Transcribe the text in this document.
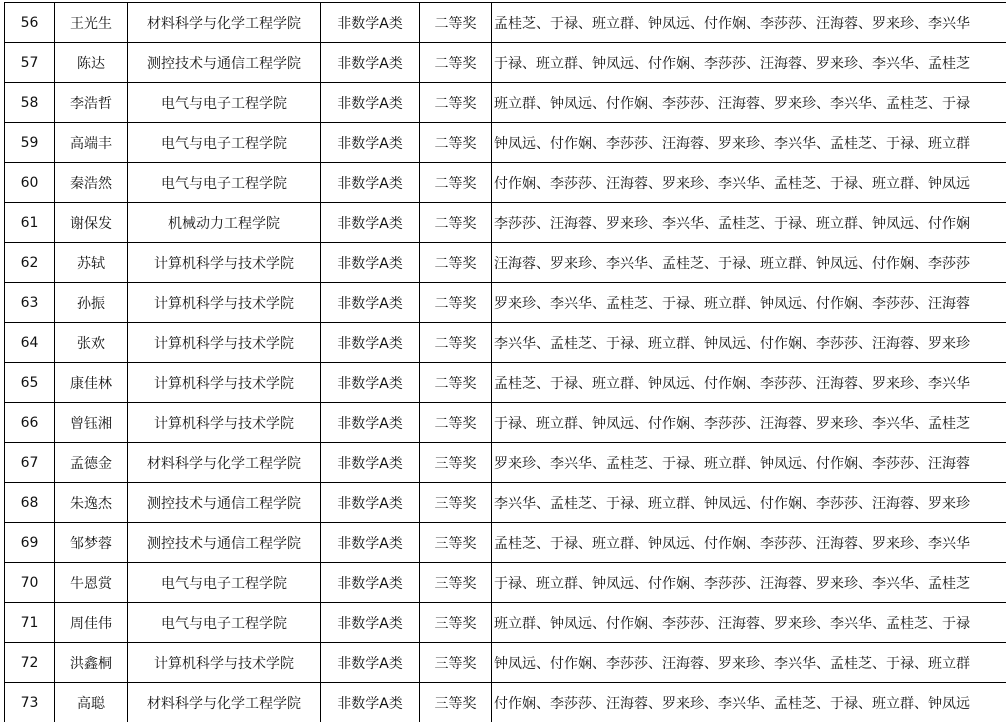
56	王光生	材料科学与化学工程学院	非数学A类	二等奖	孟桂芝、于禄、班立群、钟凤远、付作娴、李莎莎、汪海蓉、罗来珍、李兴华
57	陈达	测控技术与通信工程学院	非数学A类	二等奖	于禄、班立群、钟凤远、付作娴、李莎莎、汪海蓉、罗来珍、李兴华、孟桂芝
58	李浩哲	电气与电子工程学院	非数学A类	二等奖	班立群、钟凤远、付作娴、李莎莎、汪海蓉、罗来珍、李兴华、孟桂芝、于禄
59	高端丰	电气与电子工程学院	非数学A类	二等奖	钟凤远、付作娴、李莎莎、汪海蓉、罗来珍、李兴华、孟桂芝、于禄、班立群
60	秦浩然	电气与电子工程学院	非数学A类	二等奖	付作娴、李莎莎、汪海蓉、罗来珍、李兴华、孟桂芝、于禄、班立群、钟凤远
61	谢保发	机械动力工程学院	非数学A类	二等奖	李莎莎、汪海蓉、罗来珍、李兴华、孟桂芝、于禄、班立群、钟凤远、付作娴
62	苏轼	计算机科学与技术学院	非数学A类	二等奖	汪海蓉、罗来珍、李兴华、孟桂芝、于禄、班立群、钟凤远、付作娴、李莎莎
63	孙振	计算机科学与技术学院	非数学A类	二等奖	罗来珍、李兴华、孟桂芝、于禄、班立群、钟凤远、付作娴、李莎莎、汪海蓉
64	张欢	计算机科学与技术学院	非数学A类	二等奖	李兴华、孟桂芝、于禄、班立群、钟凤远、付作娴、李莎莎、汪海蓉、罗来珍
65	康佳林	计算机科学与技术学院	非数学A类	二等奖	孟桂芝、于禄、班立群、钟凤远、付作娴、李莎莎、汪海蓉、罗来珍、李兴华
66	曾钰湘	计算机科学与技术学院	非数学A类	二等奖	于禄、班立群、钟凤远、付作娴、李莎莎、汪海蓉、罗来珍、李兴华、孟桂芝
67	孟德金	材料科学与化学工程学院	非数学A类	三等奖	罗来珍、李兴华、孟桂芝、于禄、班立群、钟凤远、付作娴、李莎莎、汪海蓉
68	朱逸杰	测控技术与通信工程学院	非数学A类	三等奖	李兴华、孟桂芝、于禄、班立群、钟凤远、付作娴、李莎莎、汪海蓉、罗来珍
69	邹梦蓉	测控技术与通信工程学院	非数学A类	三等奖	孟桂芝、于禄、班立群、钟凤远、付作娴、李莎莎、汪海蓉、罗来珍、李兴华
70	牛恩赏	电气与电子工程学院	非数学A类	三等奖	于禄、班立群、钟凤远、付作娴、李莎莎、汪海蓉、罗来珍、李兴华、孟桂芝
71	周佳伟	电气与电子工程学院	非数学A类	三等奖	班立群、钟凤远、付作娴、李莎莎、汪海蓉、罗来珍、李兴华、孟桂芝、于禄
72	洪鑫桐	计算机科学与技术学院	非数学A类	三等奖	钟凤远、付作娴、李莎莎、汪海蓉、罗来珍、李兴华、孟桂芝、于禄、班立群
73	高聪	材料科学与化学工程学院	非数学A类	三等奖	付作娴、李莎莎、汪海蓉、罗来珍、李兴华、孟桂芝、于禄、班立群、钟凤远
